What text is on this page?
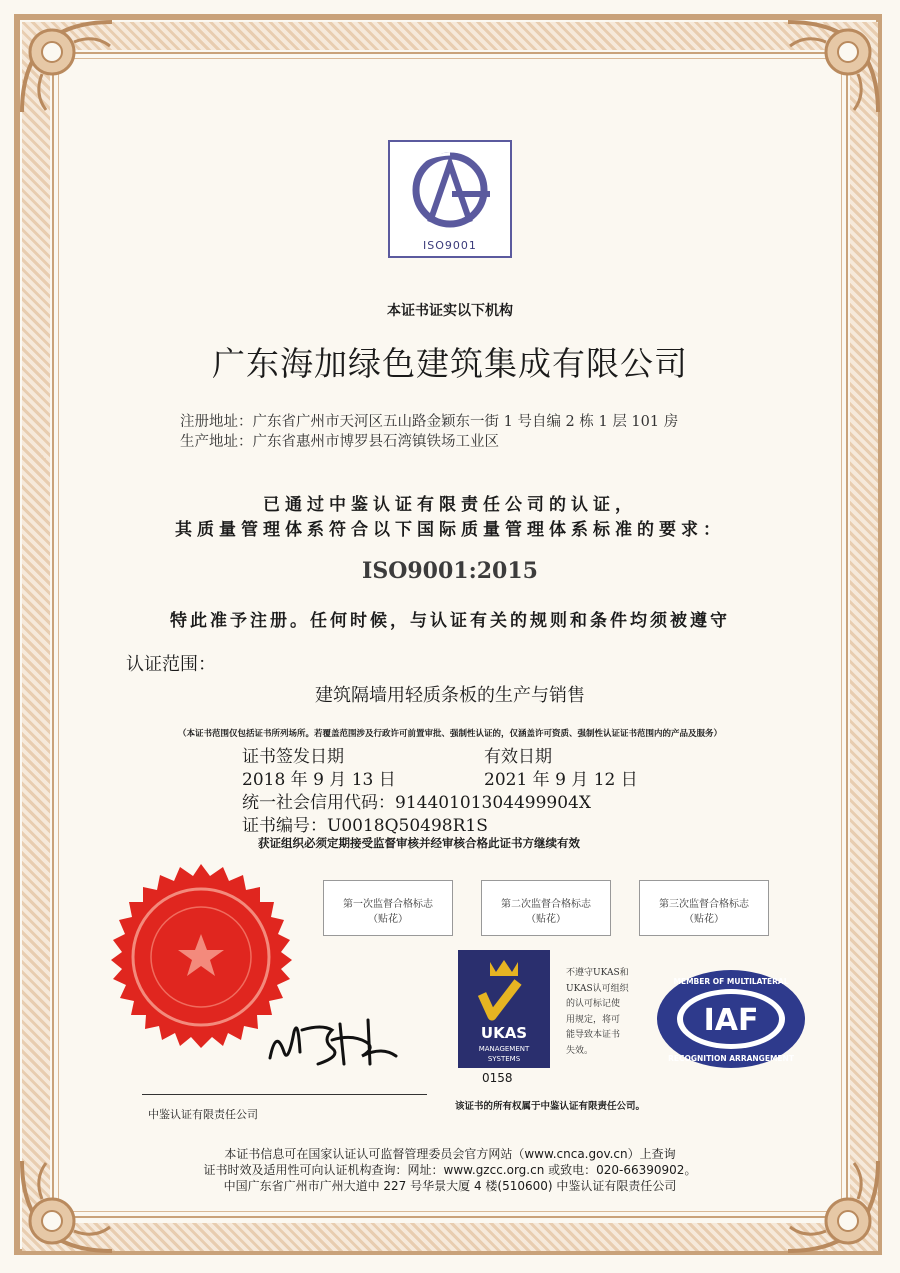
ISO9001
本证书证实以下机构
广东海加绿色建筑集成有限公司
注册地址：广东省广州市天河区五山路金颖东一街 1 号自编 2 栋 1 层 101 房
生产地址：广东省惠州市博罗县石湾镇铁场工业区
已通过中鉴认证有限责任公司的认证，
其质量管理体系符合以下国际质量管理体系标准的要求：
ISO9001:2015
特此准予注册。任何时候，与认证有关的规则和条件均须被遵守
认证范围：
建筑隔墙用轻质条板的生产与销售
（本证书范围仅包括证书所列场所。若覆盖范围涉及行政许可前置审批、强制性认证的，仅涵盖许可资质、强制性认证证书范围内的产品及服务）
证书签发日期	有效日期
2018 年 9 月 13 日	2021 年 9 月 12 日
统一社会信用代码：91440101304499904X
证书编号：U0018Q50498R1S
获证组织必须定期接受监督审核并经审核合格此证书方继续有效
第一次监督合格标志
（贴花）
第二次监督合格标志
（贴花）
第三次监督合格标志
（贴花）
UKAS
MANAGEMENT
SYSTEMS
0158
不遵守UKAS和
UKAS认可组织
的认可标记使
用规定，将可
能导致本证书
失效。
IAF
MEMBER OF MULTILATERAL
RECOGNITION ARRANGEMENT
中鉴认证有限责任公司
该证书的所有权属于中鉴认证有限责任公司。
本证书信息可在国家认证认可监督管理委员会官方网站（www.cnca.gov.cn）上查询
证书时效及适用性可向认证机构查询：网址：www.gzcc.org.cn 或致电：020-66390902。
中国广东省广州市广州大道中 227 号华景大厦 4 楼(510600) 中鉴认证有限责任公司
